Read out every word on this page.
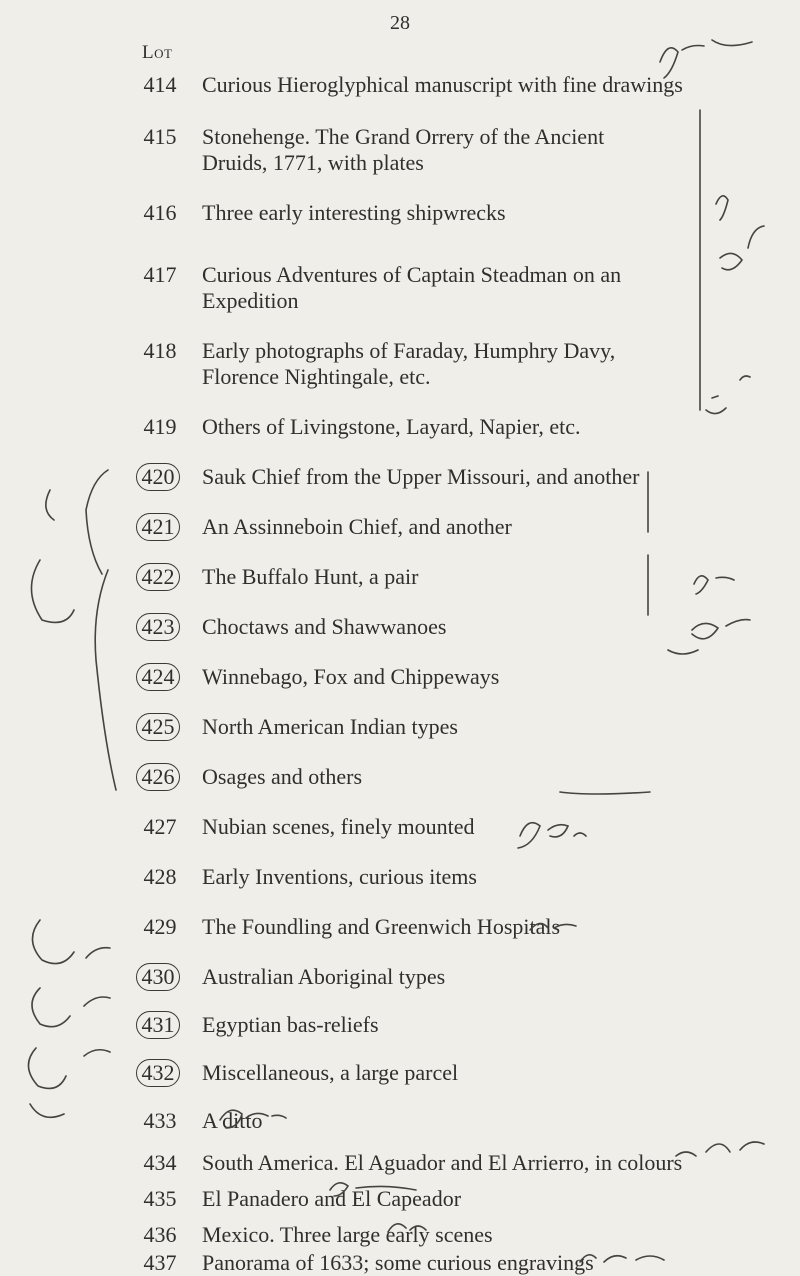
28
Lot
414 Curious Hieroglyphical manuscript with fine drawings
415 Stonehenge. The Grand Orrery of the Ancient Druids, 1771, with plates
416 Three early interesting shipwrecks
417 Curious Adventures of Captain Steadman on an Expedition
418 Early photographs of Faraday, Humphry Davy, Florence Nightingale, etc.
419 Others of Livingstone, Layard, Napier, etc.
420 Sauk Chief from the Upper Missouri, and another
421 An Assinneboin Chief, and another
422 The Buffalo Hunt, a pair
423 Choctaws and Shawwanoes
424 Winnebago, Fox and Chippeways
425 North American Indian types
426 Osages and others
427 Nubian scenes, finely mounted
428 Early Inventions, curious items
429 The Foundling and Greenwich Hospitals
430 Australian Aboriginal types
431 Egyptian bas-reliefs
432 Miscellaneous, a large parcel
433 A ditto
434 South America. El Aguador and El Arrierro, in colours
435 El Panadero and El Capeador
436 Mexico. Three large early scenes
437 Panorama of 1633; some curious engravings
